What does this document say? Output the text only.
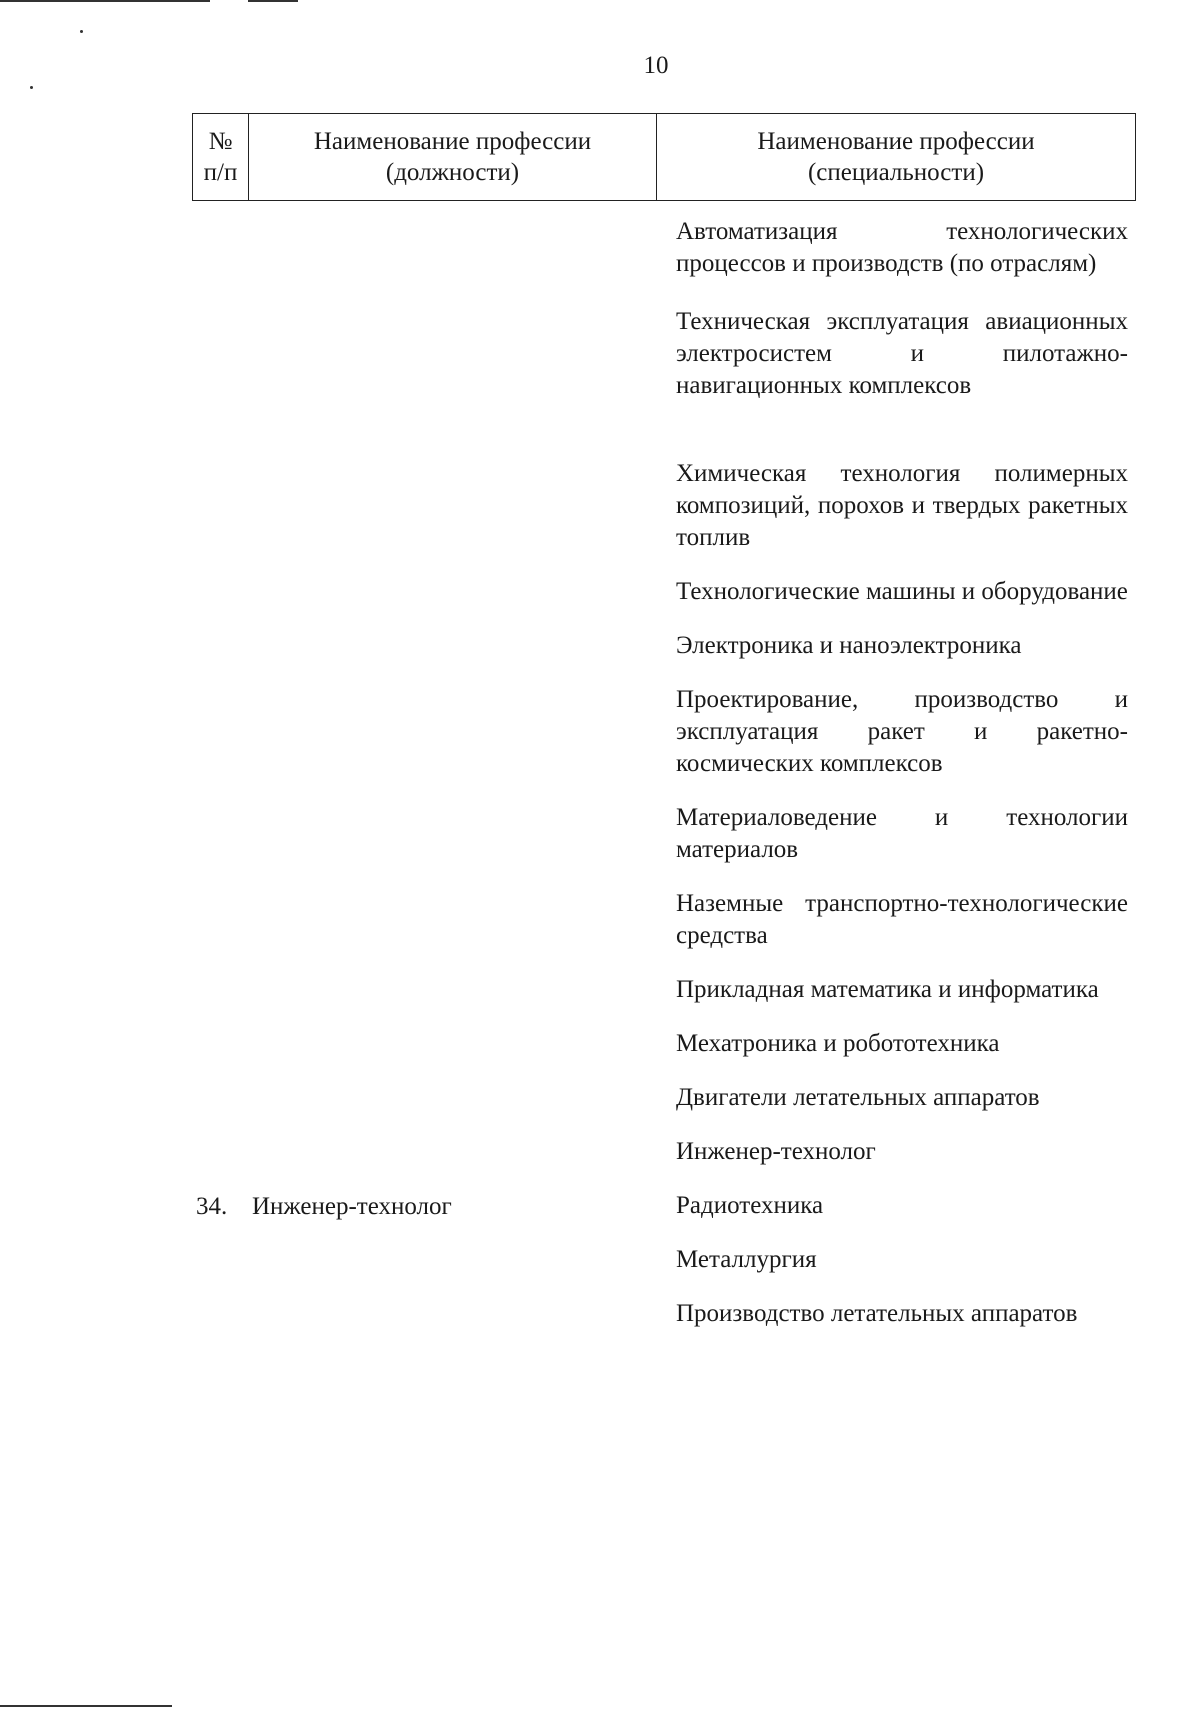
10
№
п/п
Наименование профессии
(должности)
Наименование профессии
(специальности)
34. Инженер-технолог

Автоматизация технологических процессов и производств (по отраслям)

Техническая эксплуатация авиационных электросистем и пилотажно-навигационных комплексов

Химическая технология полимерных композиций, порохов и твердых ракетных топлив

Технологические машины и оборудование

Электроника и наноэлектроника

Проектирование, производство и эксплуатация ракет и ракетно-космических комплексов

Материаловедение и технологии материалов

Наземные транспортно-технологические средства

Прикладная математика и информатика

Мехатроника и робототехника

Двигатели летательных аппаратов

Инженер-технолог

Радиотехника

Металлургия

Производство летательных аппаратов
